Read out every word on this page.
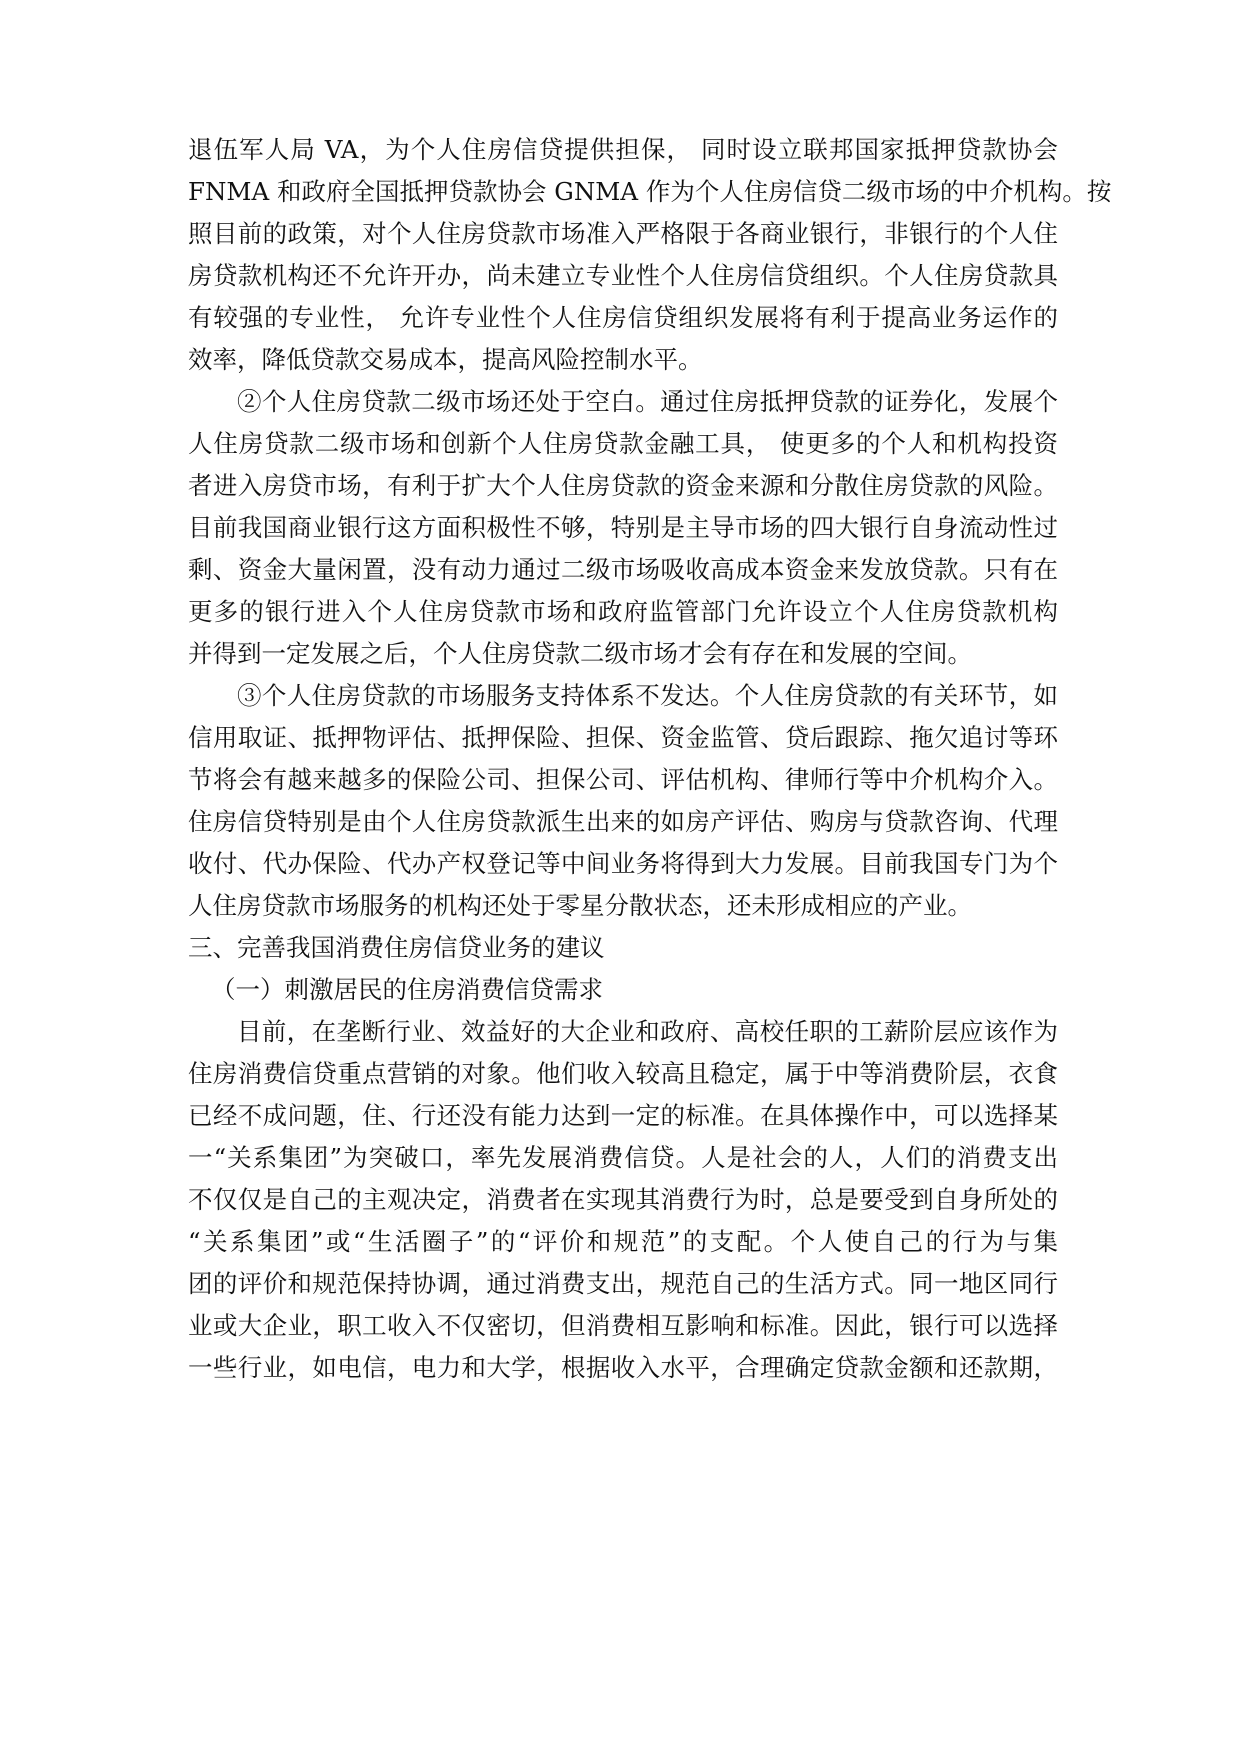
退伍军人局 VA，为个人住房信贷提供担保， 同时设立联邦国家抵押贷款协会
FNMA 和政府全国抵押贷款协会 GNMA 作为个人住房信贷二级市场的中介机构。按
照目前的政策，对个人住房贷款市场准入严格限于各商业银行，非银行的个人住
房贷款机构还不允许开办，尚未建立专业性个人住房信贷组织。个人住房贷款具
有较强的专业性， 允许专业性个人住房信贷组织发展将有利于提高业务运作的
效率，降低贷款交易成本，提高风险控制水平。
②个人住房贷款二级市场还处于空白。通过住房抵押贷款的证券化，发展个
人住房贷款二级市场和创新个人住房贷款金融工具， 使更多的个人和机构投资
者进入房贷市场，有利于扩大个人住房贷款的资金来源和分散住房贷款的风险。
目前我国商业银行这方面积极性不够，特别是主导市场的四大银行自身流动性过
剩、资金大量闲置，没有动力通过二级市场吸收高成本资金来发放贷款。只有在
更多的银行进入个人住房贷款市场和政府监管部门允许设立个人住房贷款机构
并得到一定发展之后，个人住房贷款二级市场才会有存在和发展的空间。
③个人住房贷款的市场服务支持体系不发达。个人住房贷款的有关环节，如
信用取证、抵押物评估、抵押保险、担保、资金监管、贷后跟踪、拖欠追讨等环
节将会有越来越多的保险公司、担保公司、评估机构、律师行等中介机构介入。
住房信贷特别是由个人住房贷款派生出来的如房产评估、购房与贷款咨询、代理
收付、代办保险、代办产权登记等中间业务将得到大力发展。目前我国专门为个
人住房贷款市场服务的机构还处于零星分散状态，还未形成相应的产业。
三、完善我国消费住房信贷业务的建议
（一）刺激居民的住房消费信贷需求
目前，在垄断行业、效益好的大企业和政府、高校任职的工薪阶层应该作为
住房消费信贷重点营销的对象。他们收入较高且稳定，属于中等消费阶层，衣食
已经不成问题，住、行还没有能力达到一定的标准。在具体操作中，可以选择某
一“关系集团”为突破口，率先发展消费信贷。人是社会的人，人们的消费支出
不仅仅是自己的主观决定，消费者在实现其消费行为时，总是要受到自身所处的
“关系集团”或“生活圈子”的“评价和规范”的支配。个人使自己的行为与集
团的评价和规范保持协调，通过消费支出，规范自己的生活方式。同一地区同行
业或大企业，职工收入不仅密切，但消费相互影响和标准。因此，银行可以选择
一些行业，如电信，电力和大学，根据收入水平，合理确定贷款金额和还款期，
